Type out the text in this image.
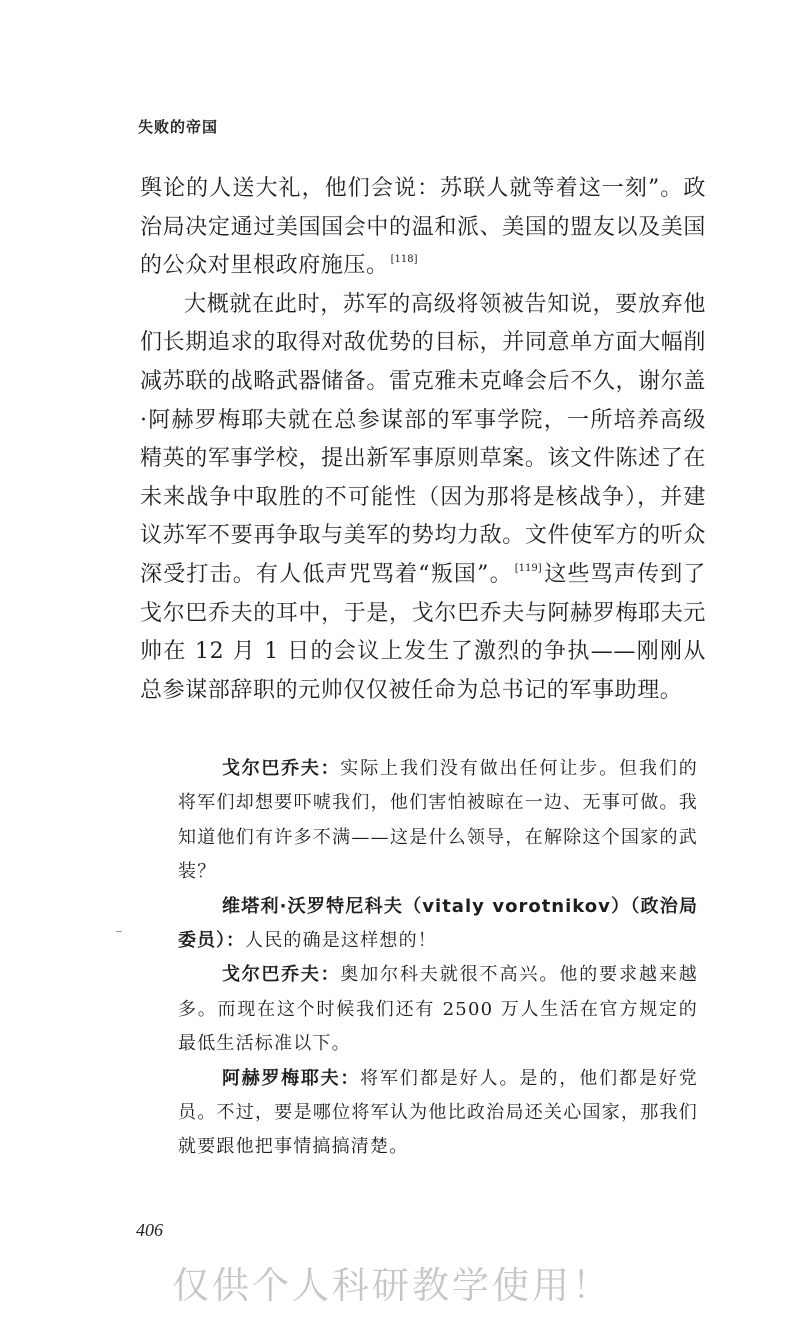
失败的帝国

舆论的人送大礼，他们会说：苏联人就等着这一刻”。政治局决定通过美国国会中的温和派、美国的盟友以及美国的公众对里根政府施压。 [118]

大概就在此时，苏军的高级将领被告知说，要放弃他们长期追求的取得对敌优势的目标，并同意单方面大幅削减苏联的战略武器储备。雷克雅未克峰会后不久，谢尔盖·阿赫罗梅耶夫就在总参谋部的军事学院，一所培养高级精英的军事学校，提出新军事原则草案。该文件陈述了在未来战争中取胜的不可能性（因为那将是核战争），并建议苏军不要再争取与美军的势均力敌。文件使军方的听众深受打击。有人低声咒骂着“叛国”。 [119]这些骂声传到了戈尔巴乔夫的耳中，于是，戈尔巴乔夫与阿赫罗梅耶夫元帅在 12 月 1 日的会议上发生了激烈的争执——刚刚从总参谋部辞职的元帅仅仅被任命为总书记的军事助理。

戈尔巴乔夫：实际上我们没有做出任何让步。但我们的将军们却想要吓唬我们，他们害怕被晾在一边、无事可做。我知道他们有许多不满——这是什么领导，在解除这个国家的武装？

维塔利·沃罗特尼科夫（vitaly vorotnikov）（政治局委员）：人民的确是这样想的！

戈尔巴乔夫：奥加尔科夫就很不高兴。他的要求越来越多。而现在这个时候我们还有 2500 万人生活在官方规定的最低生活标准以下。

阿赫罗梅耶夫：将军们都是好人。是的，他们都是好党员。不过，要是哪位将军认为他比政治局还关心国家，那我们就要跟他把事情搞搞清楚。

406
仅供个人科研教学使用！
